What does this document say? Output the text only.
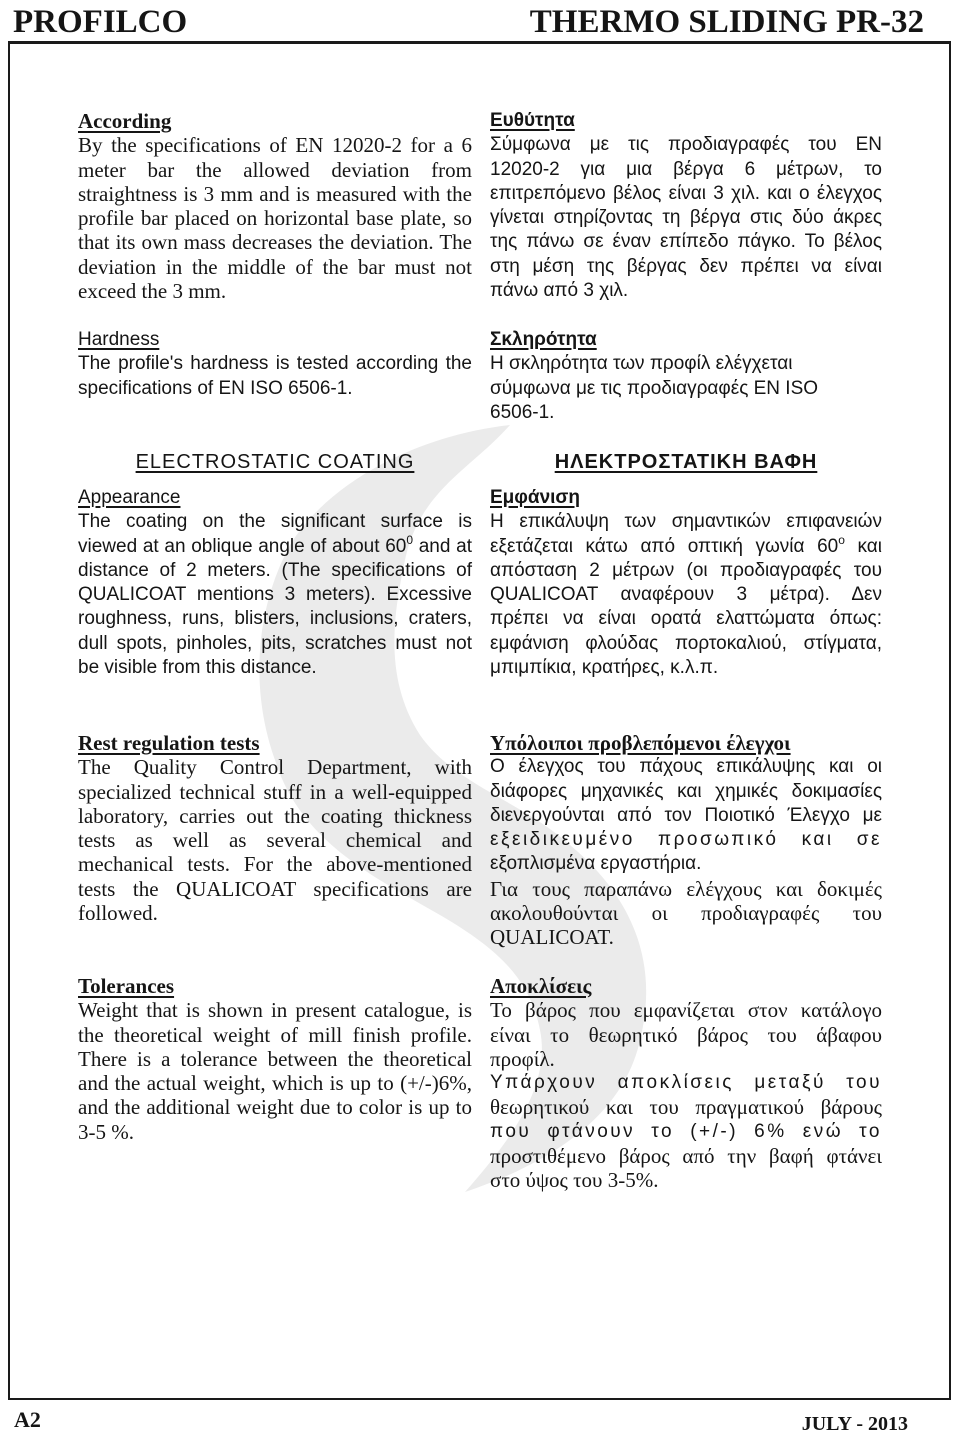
PROFILCO	THERMO SLIDING PR-32
According
By the specifications of EN 12020-2 for a 6
meter bar the allowed deviation from
straightness is 3 mm and is measured with the
profile bar placed on horizontal base plate, so
that its own mass decreases the deviation. The
deviation in the middle of the bar must not
exceed the 3 mm.
Hardness
The profile's hardness is tested according the
specifications of EN ISO 6506-1.
ELECTROSTATIC COATING
Appearance
The coating on the significant surface is
viewed at an oblique angle of about $60^0$ and at
distance of 2 meters. (The specifications of
QUALICOAT mentions 3 meters). Excessive
roughness, runs, blisters, inclusions, craters,
dull spots, pinholes, pits, scratches must not
be visible from this distance.
Rest regulation tests
The Quality Control Department, with
specialized technical stuff in a well-equipped
laboratory, carries out the coating thickness
tests as well as several chemical and
mechanical tests. For the above-mentioned
tests the QUALICOAT specifications are
followed.
Tolerances
Weight that is shown in present catalogue, is
the theoretical weight of mill finish profile.
There is a tolerance between the theoretical
and the actual weight, which is up to (+/-)6%,
and the additional weight due to color is up to
3-5 %.
Ευθύτητα
Σύμφωνα με τις προδιαγραφές του EN
12020-2 για μια βέργα 6 μέτρων, το
επιτρεπόμενο βέλος είναι 3 χιλ. και ο έλεγχος
γίνεται στηρίζοντας τη βέργα στις δύο άκρες
της πάνω σε έναν επίπεδο πάγκο. Το βέλος
στη μέση της βέργας δεν πρέπει να είναι
πάνω από 3 χιλ.
Σκληρότητα
Η σκληρότητα των προφίλ ελέγχεται
σύμφωνα με τις προδιαγραφές EN ISO
6506-1.
ΗΛΕΚΤΡΟΣΤΑΤΙΚΗ ΒΑΦΗ
Εμφάνιση
Η επικάλυψη των σημαντικών επιφανειών
εξετάζεται κάτω από οπτική γωνία 60$^o$ και
απόσταση 2 μέτρων (οι προδιαγραφές του
QUALICOAT αναφέρουν 3 μέτρα). Δεν
πρέπει να είναι ορατά ελαττώματα όπως:
εμφάνιση φλούδας πορτοκαλιού, στίγματα,
μπιμπίκια, κρατήρες, κ.λ.π.
Υπόλοιποι προβλεπόμενοι έλεγχοι
Ο έλεγχος του πάχους επικάλυψης και οι
διάφορες μηχανικές και χημικές δοκιμασίες
διενεργούνται από τον Ποιοτικό Έλεγχο με
εξειδικευμένο προσωπικό και σε
εξοπλισμένα εργαστήρια.
Για τους παραπάνω ελέγχους και δοκιμές
ακολουθούνται οι προδιαγραφές του
QUALICOAT.
Αποκλίσεις
Το βάρος που εμφανίζεται στον κατάλογο
είναι το θεωρητικό βάρος του άβαφου
προφίλ.
Υπάρχουν αποκλίσεις μεταξύ του
θεωρητικού και του πραγματικού βάρους
που φτάνουν το (+/-) 6% ενώ το
προστιθέμενο βάρος από την βαφή φτάνει
στο ύψος του 3-5%.
A2	JULY - 2013
